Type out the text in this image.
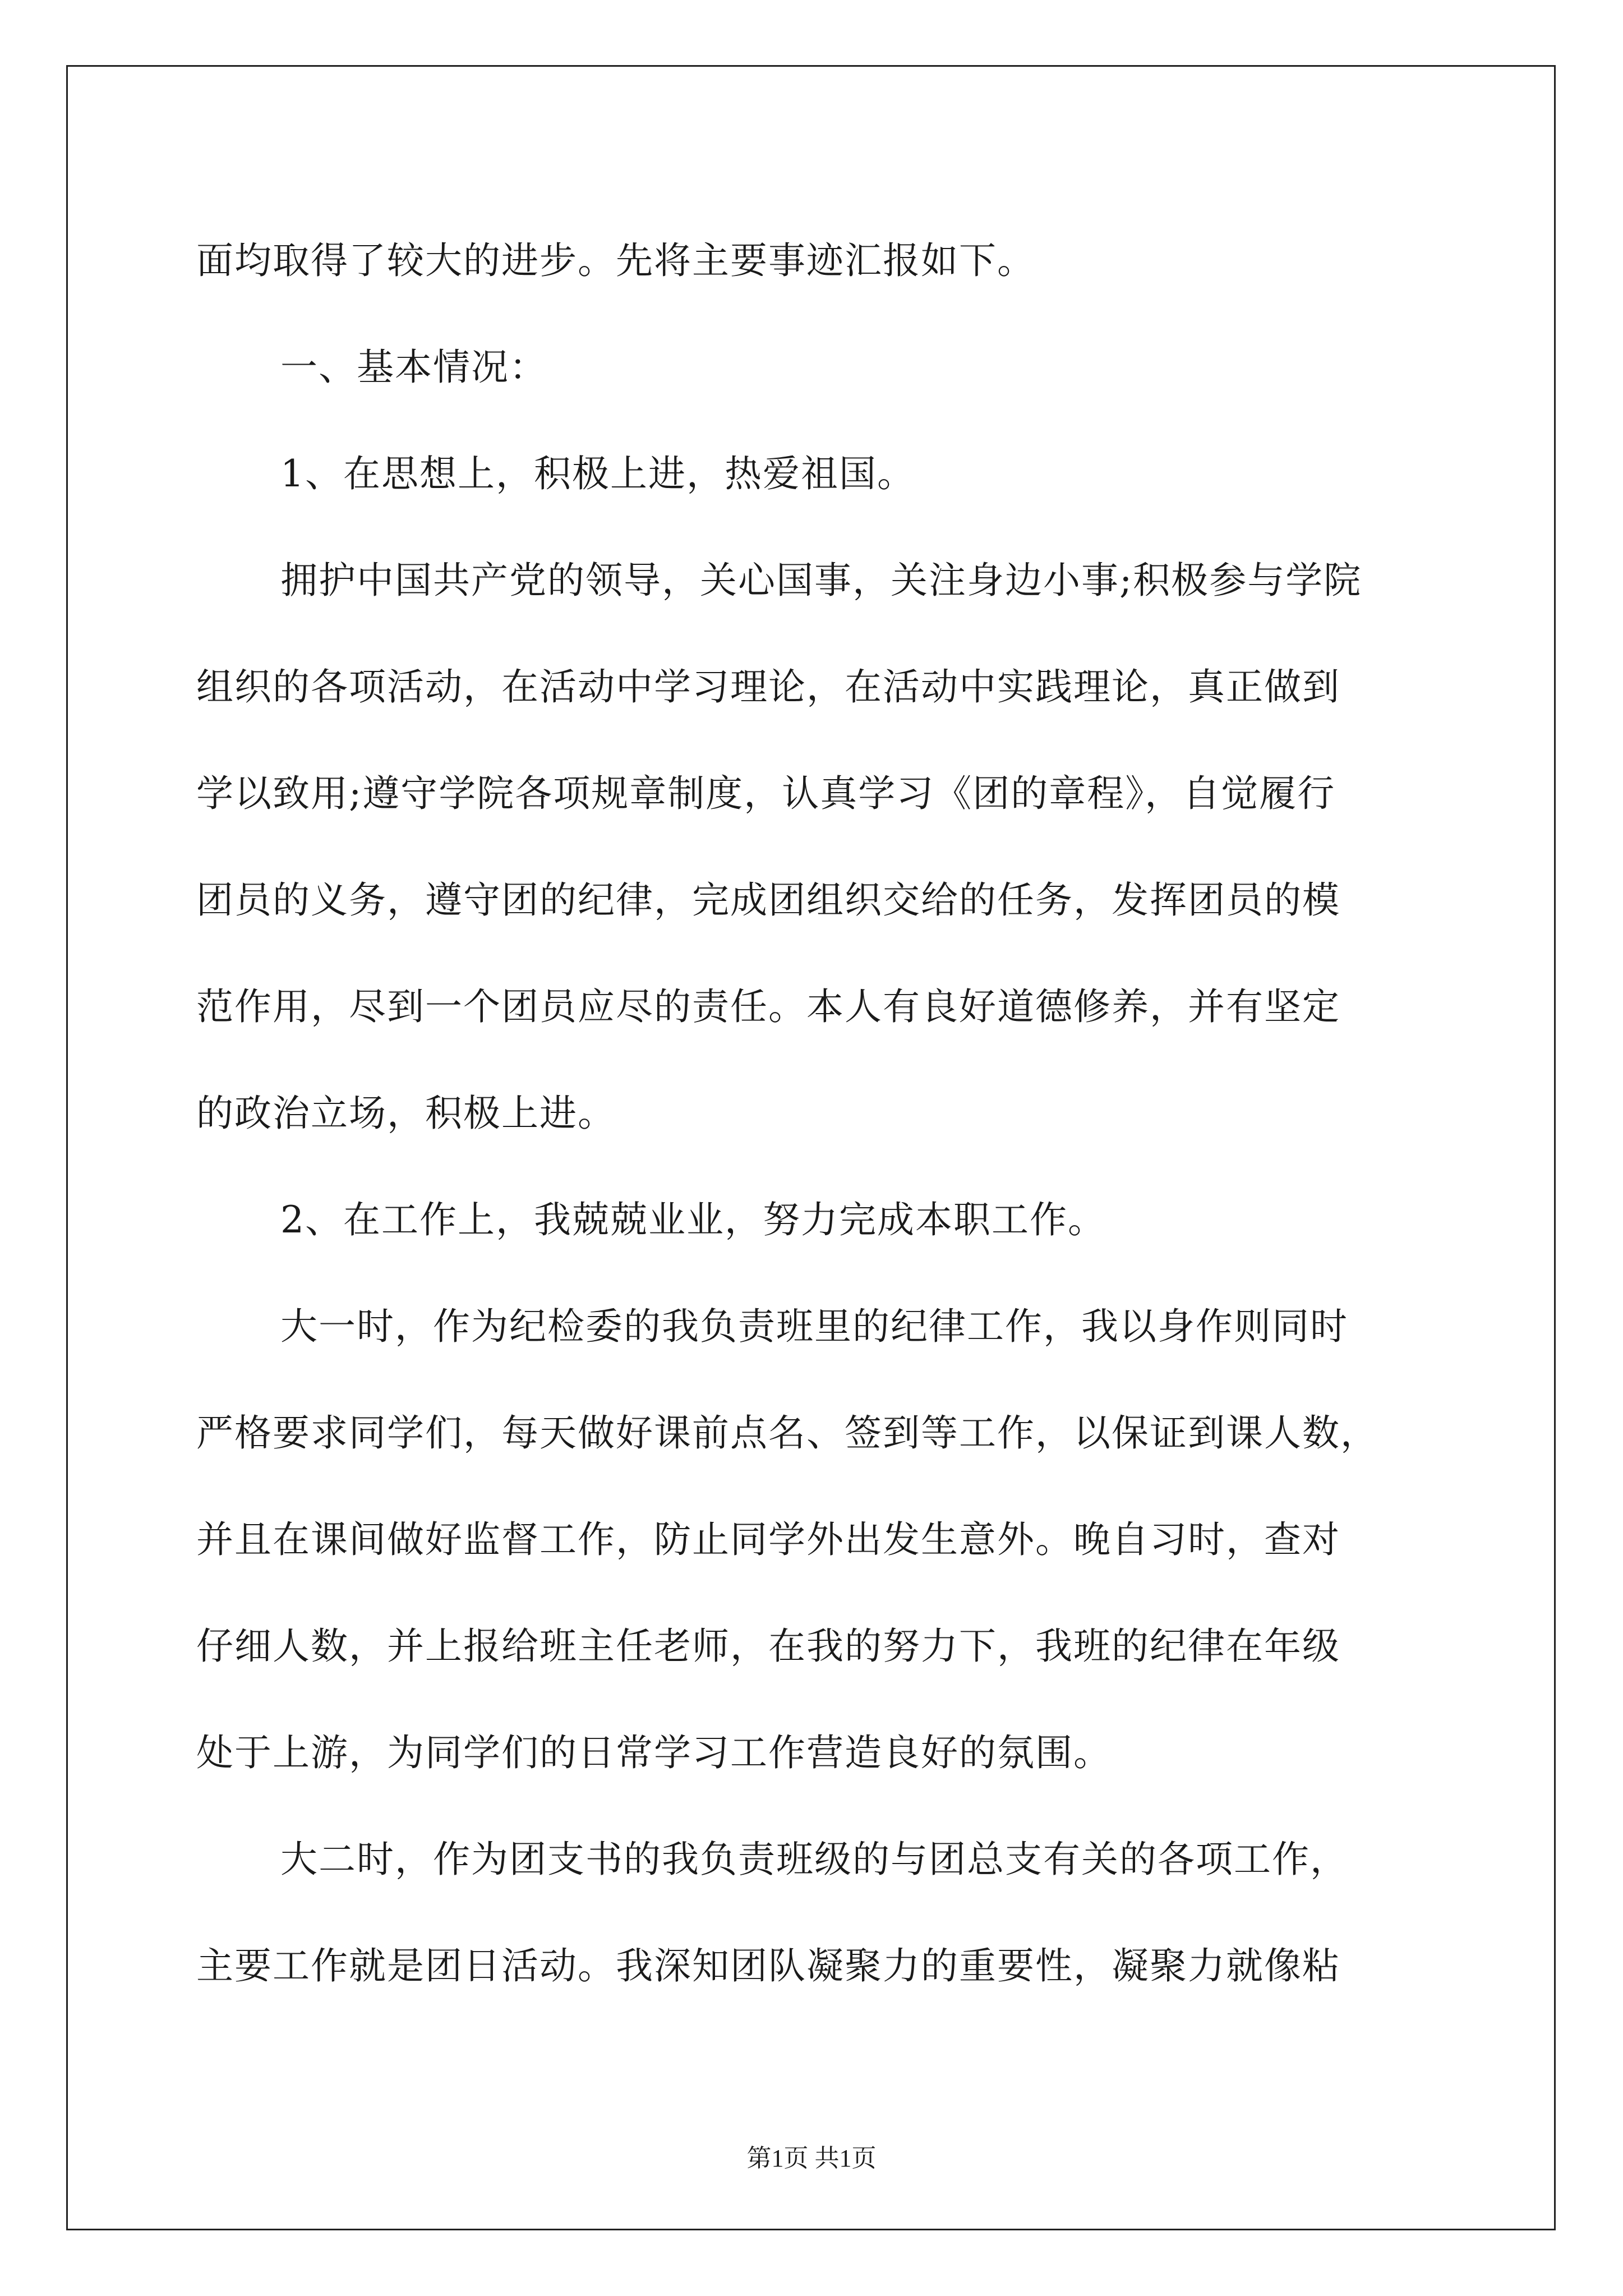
面均取得了较大的进步。先将主要事迹汇报如下。
一、基本情况：
1、在思想上，积极上进，热爱祖国。
拥护中国共产党的领导，关心国事，关注身边小事;积极参与学院
组织的各项活动，在活动中学习理论，在活动中实践理论，真正做到
学以致用;遵守学院各项规章制度，认真学习《团的章程》，自觉履行
团员的义务，遵守团的纪律，完成团组织交给的任务，发挥团员的模
范作用，尽到一个团员应尽的责任。本人有良好道德修养，并有坚定
的政治立场，积极上进。
2、在工作上，我兢兢业业，努力完成本职工作。
大一时，作为纪检委的我负责班里的纪律工作，我以身作则同时
严格要求同学们，每天做好课前点名、签到等工作，以保证到课人数，
并且在课间做好监督工作，防止同学外出发生意外。晚自习时，查对
仔细人数，并上报给班主任老师，在我的努力下，我班的纪律在年级
处于上游，为同学们的日常学习工作营造良好的氛围。
大二时，作为团支书的我负责班级的与团总支有关的各项工作，
主要工作就是团日活动。我深知团队凝聚力的重要性，凝聚力就像粘
第1页 共1页
